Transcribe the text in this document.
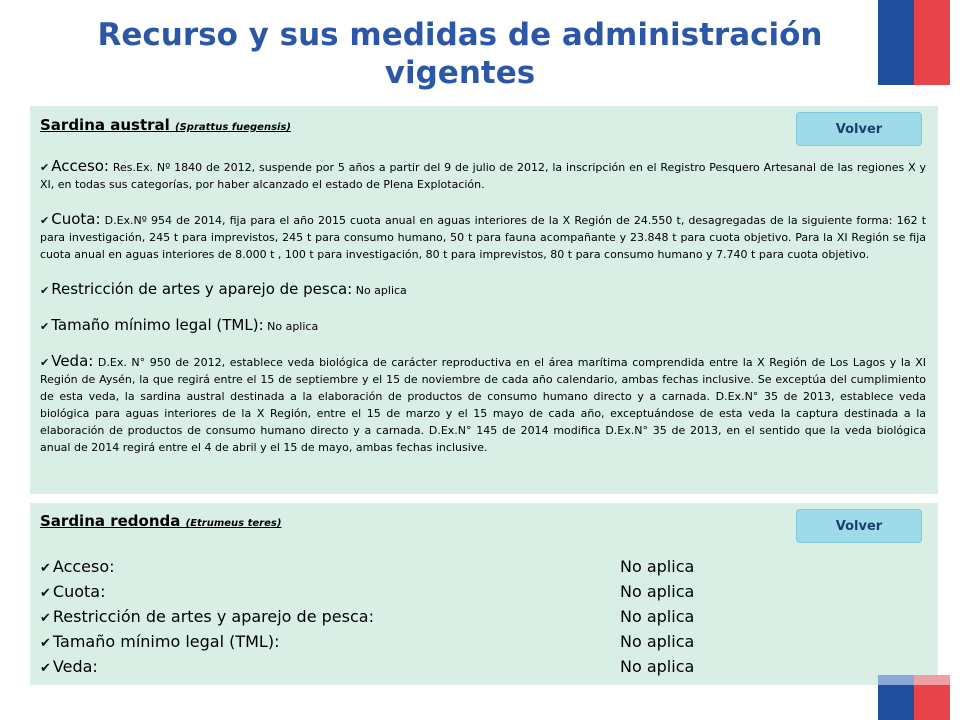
Recurso y sus medidas de administración vigentes
Sardina austral (Sprattus fuegensis)	Volver

✔ Acceso: Res.Ex. Nº 1840 de 2012, suspende por 5 años a partir del 9 de julio de 2012, la inscripción en el Registro Pesquero Artesanal de las regiones X y XI, en todas sus categorías, por haber alcanzado el estado de Plena Explotación.

✔ Cuota: D.Ex.Nº 954 de 2014, fija para el año 2015 cuota anual en aguas interiores de la X Región de 24.550 t, desagregadas de la siguiente forma: 162 t para investigación, 245 t para imprevistos, 245 t para consumo humano, 50 t para fauna acompañante y 23.848 t para cuota objetivo. Para la XI Región se fija cuota anual en aguas interiores de 8.000 t , 100 t para investigación, 80 t para imprevistos, 80 t para consumo humano y 7.740 t para cuota objetivo.

✔ Restricción de artes y aparejo de pesca: No aplica

✔ Tamaño mínimo legal (TML): No aplica

✔ Veda: D.Ex. N° 950 de 2012, establece veda biológica de carácter reproductiva en el área marítima comprendida entre la X Región de Los Lagos y la XI Región de Aysén, la que regirá entre el 15 de septiembre y el 15 de noviembre de cada año calendario, ambas fechas inclusive. Se exceptúa del cumplimiento de esta veda, la sardina austral destinada a la elaboración de productos de consumo humano directo y a carnada. D.Ex.N° 35 de 2013, establece veda biológica para aguas interiores de la X Región, entre el 15 de marzo y el 15 mayo de cada año, exceptuándose de esta veda la captura destinada a la elaboración de productos de consumo humano directo y a carnada. D.Ex.N° 145 de 2014 modifica D.Ex.N° 35 de 2013, en el sentido que la veda biológica anual de 2014 regirá entre el 4 de abril y el 15 de mayo, ambas fechas inclusive.

Sardina redonda (Etrumeus teres)	Volver
✔ Acceso:	No aplica
✔ Cuota:	No aplica
✔ Restricción de artes y aparejo de pesca:	No aplica
✔ Tamaño mínimo legal (TML):	No aplica
✔ Veda:	No aplica
